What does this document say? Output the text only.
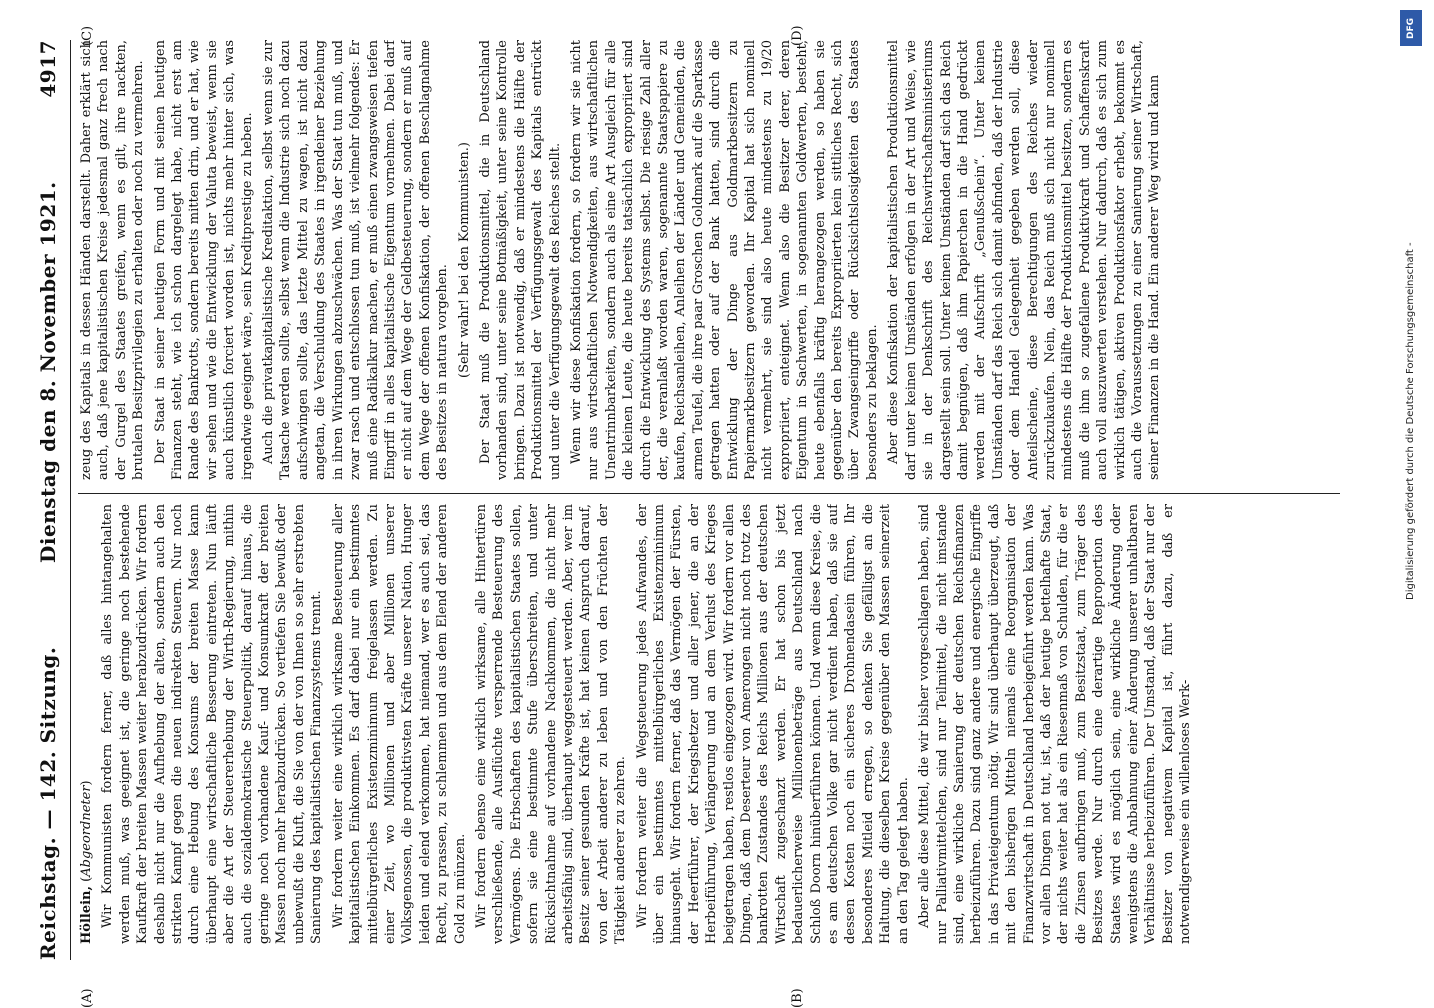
Reichstag. — 142. Sitzung.
Dienstag den 8. November 1921.
4917
(A)	(B)
(C)	(D)

Höllein, (Abgeordneter) Wir Kommunisten fordern ferner, daß alles hintangehalten werden muß, was geeignet ist, die geringe noch bestehende Kaufkraft der breiten Massen weiter herabzudrücken. Wir fordern deshalb nicht nur die Aufhebung der alten, sondern auch den strikten Kampf gegen die neuen indirekten Steuern. Nur noch durch eine Hebung des Konsums der breiten Masse kann überhaupt eine wirtschaftliche Besserung eintreten. Nun läuft aber die Art der Steuererhebung der Wirth-Regierung, mithin auch die sozialdemokratische Steuerpolitik, darauf hinaus, die geringe noch vorhandene Kauf- und Konsumkraft der breiten Massen noch mehr herabzudrücken. So vertiefen Sie bewußt oder unbewußt die Kluft, die Sie von der von Ihnen so sehr erstrebten Sanierung des kapitalistischen Finanzsystems trennt. Wir fordern weiter eine wirklich wirksame Besteuerung aller kapitalistischen Einkommen. Es darf dabei nur ein bestimmtes mittelbürgerliches Existenzminimum freigelassen werden. Zu einer Zeit, wo Millionen und aber Millionen unserer Volksgenossen, die produktivsten Kräfte unserer Nation, Hunger leiden und elend verkommen, hat niemand, wer es auch sei, das Recht, zu prassen, zu schlemmen und aus dem Elend der anderen Gold zu münzen. Wir fordern ebenso eine wirklich wirksame, alle Hintertüren verschließende, alle Ausflüchte versperrende Besteuerung des Vermögens. Die Erbschaften des kapitalistischen Staates sollen, sofern sie eine bestimmte Stufe überschreiten, und unter Rücksichtnahme auf vorhandene Nachkommen, die nicht mehr arbeitsfähig sind, überhaupt weggesteuert werden. Aber, wer im Besitz seiner gesunden Kräfte ist, hat keinen Anspruch darauf, von der Arbeit anderer zu leben und von den Früchten der Tätigkeit anderer zu zehren. Wir fordern weiter die Wegsteuerung jedes Aufwandes, der über ein bestimmtes mittelbürgerliches Existenzminimum hinausgeht. Wir fordern ferner, daß das Vermögen der Fürsten, der Heerführer, der Kriegshetzer und aller jener, die an der Herbeiführung, Verlängerung und an dem Verlust des Krieges beigetragen haben, restlos eingezogen wird. Wir fordern vor allen Dingen, daß dem Deserteur von Amerongen nicht noch trotz des bankrotten Zustandes des Reichs Millionen aus der deutschen Wirtschaft zugeschanzt werden. Er hat schon bis jetzt bedauerlicherweise Millionenbeträge aus Deutschland nach Schloß Doorn hinüberführen können. Und wenn diese Kreise, die es am deutschen Volke gar nicht verdient haben, daß sie auf dessen Kosten noch ein sicheres Drohnendasein führen, Ihr besonderes Mitleid erregen, so denken Sie gefälligst an die Haltung, die dieselben Kreise gegenüber den Massen seinerzeit an den Tag gelegt haben. Aber alle diese Mittel, die wir bisher vorgeschlagen haben, sind nur Palliativmittelchen, sind nur Teilmittel, die nicht imstande sind, eine wirkliche Sanierung der deutschen Reichsfinanzen herbeizuführen. Dazu sind ganz andere und energische Eingriffe in das Privateigentum nötig. Wir sind überhaupt überzeugt, daß mit den bisherigen Mitteln niemals eine Reorganisation der Finanzwirtschaft in Deutschland herbeigeführt werden kann. Was vor allen Dingen not tut, ist, daß der heutige bettelhafte Staat, der nichts weiter hat als ein Riesenmaß von Schulden, für die er die Zinsen aufbringen muß, zum Besitzstaat, zum Träger des Besitzes werde. Nur durch eine derartige Reproportion des Staates wird es möglich sein, eine wirkliche Änderung oder wenigstens die Anbahnung einer Änderung unserer unhaltbaren Verhältnisse herbeizuführen. Der Umstand, daß der Staat nur der Besitzer von negativem Kapital ist, führt dazu, daß er notwendigerweise ein willenloses Werk-

zeug des Kapitals in dessen Händen darstellt. Daher erklärt sich auch, daß jene kapitalistischen Kreise jedesmal ganz frech nach der Gurgel des Staates greifen, wenn es gilt, ihre nackten, brutalen Besitzprivilegien zu erhalten oder noch zu vermehren. Der Staat in seiner heutigen Form und mit seinen heutigen Finanzen steht, wie ich schon dargelegt habe, nicht erst am Rande des Bankrotts, sondern bereits mitten drin, und er hat, wie wir sehen und wie die Entwicklung der Valuta beweist, wenn sie auch künstlich forciert worden ist, nichts mehr hinter sich, was irgendwie geeignet wäre, sein Kreditprestige zu heben. Auch die privatkapitalistische Kreditaktion, selbst wenn sie zur Tatsache werden sollte, selbst wenn die Industrie sich noch dazu aufschwingen sollte, das letzte Mittel zu wagen, ist nicht dazu angetan, die Verschuldung des Staates in irgendeiner Beziehung in ihren Wirkungen abzuschwächen. Was der Staat tun muß, und zwar rasch und entschlossen tun muß, ist vielmehr folgendes: Er muß eine Radikalkur machen, er muß einen zwangsweisen tiefen Eingriff in alles kapitalistische Eigentum vornehmen. Dabei darf er nicht auf dem Wege der Geldbesteuerung, sondern er muß auf dem Wege der offenen Konfiskation, der offenen Beschlagnahme des Besitzes in natura vorgehen. (Sehr wahr! bei den Kommunisten.) Der Staat muß die Produktionsmittel, die in Deutschland vorhanden sind, unter seine Botmäßigkeit, unter seine Kontrolle bringen. Dazu ist notwendig, daß er mindestens die Hälfte der Produktionsmittel der Verfügungsgewalt des Kapitals entrückt und unter die Verfügungsgewalt des Reiches stellt. Wenn wir diese Konfiskation fordern, so fordern wir sie nicht nur aus wirtschaftlichen Notwendigkeiten, aus wirtschaftlichen Unentrinnbarkeiten, sondern auch als eine Art Ausgleich für alle die kleinen Leute, die heute bereits tatsächlich expropriiert sind durch die Entwicklung des Systems selbst. Die riesige Zahl aller der, die veranlaßt worden waren, sogenannte Staatspapiere zu kaufen, Reichsanleihen, Anleihen der Länder und Gemeinden, die armen Teufel, die ihre paar Groschen Goldmark auf die Sparkasse getragen hatten oder auf der Bank hatten, sind durch die Entwicklung der Dinge aus Goldmarkbesitzern zu Papiermarkbesitzern geworden. Ihr Kapital hat sich nominell nicht vermehrt, sie sind also heute mindestens zu 19/20 expropriiert, enteignet. Wenn also die Besitzer derer, deren Eigentum in Sachwerten, in sogenannten Goldwerten, besteht, heute ebenfalls kräftig herangezogen werden, so haben sie gegenüber den bereits Expropriierten kein sittliches Recht, sich über Zwangseingriffe oder Rücksichtslosigkeiten des Staates besonders zu beklagen. Aber diese Konfiskation der kapitalistischen Produktionsmittel darf unter keinen Umständen erfolgen in der Art und Weise, wie sie in der Denkschrift des Reichswirtschaftsministeriums dargestellt sein soll. Unter keinen Umständen darf sich das Reich damit begnügen, daß ihm Papierchen in die Hand gedrückt werden mit der Aufschrift „Genußschein“. Unter keinen Umständen darf das Reich sich damit abfinden, daß der Industrie oder dem Handel Gelegenheit gegeben werden soll, diese Anteilscheine, diese Berechtigungen des Reiches wieder zurückzukaufen. Nein, das Reich muß sich nicht nur nominell mindestens die Hälfte der Produktionsmittel besitzen, sondern es muß die ihm so zugefallene Produktivkraft und Schaffenskraft auch voll auszuwerten verstehen. Nur dadurch, daß es sich zum wirklich tätigen, aktiven Produktionsfaktor erhebt, bekommt es auch die Voraussetzungen zu einer Sanierung seiner Wirtschaft, seiner Finanzen in die Hand. Ein anderer Weg wird und kann

DFG
Digitalisierung gefördert durch die Deutsche Forschungsgemeinschaft -
